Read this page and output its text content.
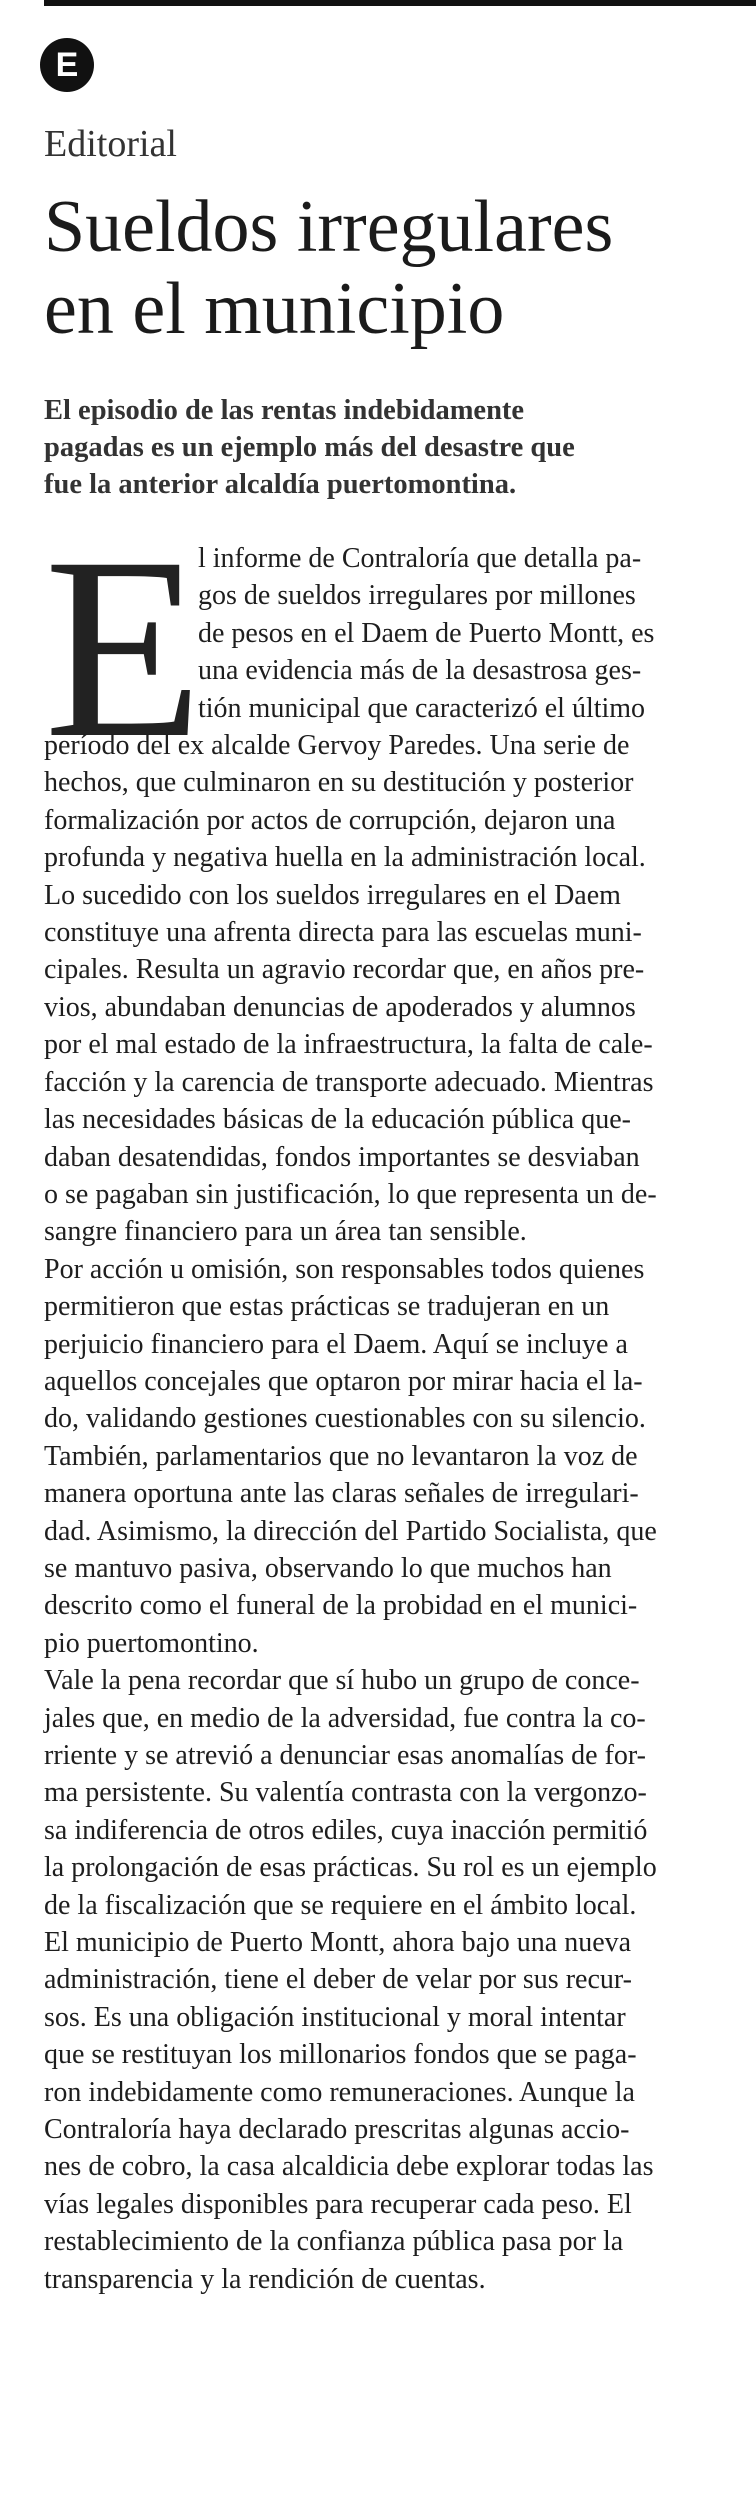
E
Editorial
Sueldos irregulares
en el municipio
El episodio de las rentas indebidamente
pagadas es un ejemplo más del desastre que
fue la anterior alcaldía puertomontina.
E
l informe de Contraloría que detalla pa-
gos de sueldos irregulares por millones
de pesos en el Daem de Puerto Montt, es
una evidencia más de la desastrosa ges-
tión municipal que caracterizó el último
período del ex alcalde Gervoy Paredes. Una serie de
hechos, que culminaron en su destitución y posterior
formalización por actos de corrupción, dejaron una
profunda y negativa huella en la administración local.
Lo sucedido con los sueldos irregulares en el Daem
constituye una afrenta directa para las escuelas muni-
cipales. Resulta un agravio recordar que, en años pre-
vios, abundaban denuncias de apoderados y alumnos
por el mal estado de la infraestructura, la falta de cale-
facción y la carencia de transporte adecuado. Mientras
las necesidades básicas de la educación pública que-
daban desatendidas, fondos importantes se desviaban
o se pagaban sin justificación, lo que representa un de-
sangre financiero para un área tan sensible.
Por acción u omisión, son responsables todos quienes
permitieron que estas prácticas se tradujeran en un
perjuicio financiero para el Daem. Aquí se incluye a
aquellos concejales que optaron por mirar hacia el la-
do, validando gestiones cuestionables con su silencio.
También, parlamentarios que no levantaron la voz de
manera oportuna ante las claras señales de irregulari-
dad. Asimismo, la dirección del Partido Socialista, que
se mantuvo pasiva, observando lo que muchos han
descrito como el funeral de la probidad en el munici-
pio puertomontino.
Vale la pena recordar que sí hubo un grupo de conce-
jales que, en medio de la adversidad, fue contra la co-
rriente y se atrevió a denunciar esas anomalías de for-
ma persistente. Su valentía contrasta con la vergonzo-
sa indiferencia de otros ediles, cuya inacción permitió
la prolongación de esas prácticas. Su rol es un ejemplo
de la fiscalización que se requiere en el ámbito local.
El municipio de Puerto Montt, ahora bajo una nueva
administración, tiene el deber de velar por sus recur-
sos. Es una obligación institucional y moral intentar
que se restituyan los millonarios fondos que se paga-
ron indebidamente como remuneraciones. Aunque la
Contraloría haya declarado prescritas algunas accio-
nes de cobro, la casa alcaldicia debe explorar todas las
vías legales disponibles para recuperar cada peso. El
restablecimiento de la confianza pública pasa por la
transparencia y la rendición de cuentas.
